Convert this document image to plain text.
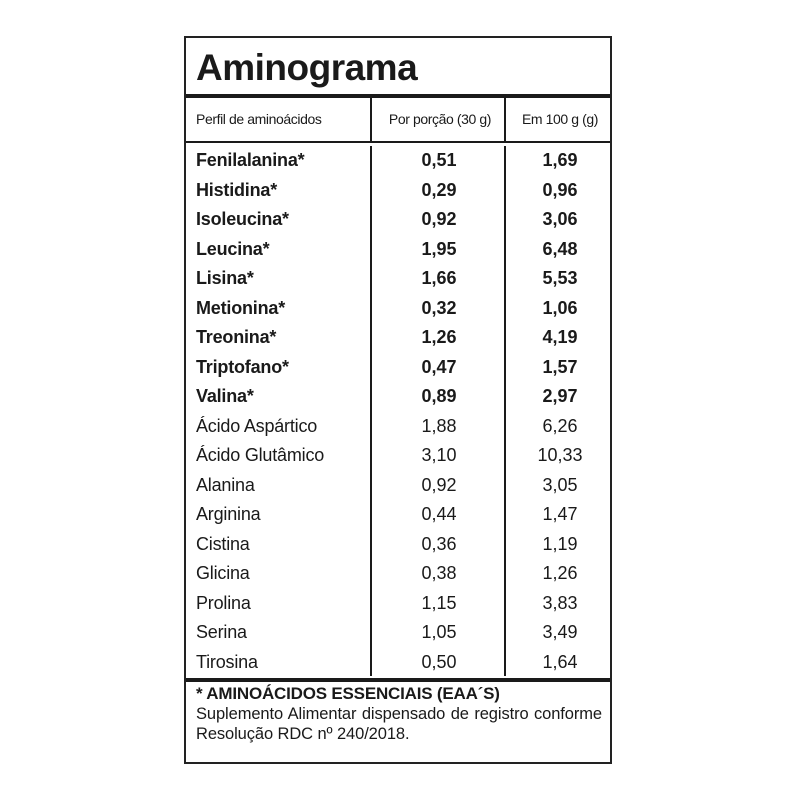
Aminograma
Perfil de aminoácidos	Por porção (30 g)	Em 100 g (g)
Fenilalanina*	0,51	1,69
Histidina*	0,29	0,96
Isoleucina*	0,92	3,06
Leucina*	1,95	6,48
Lisina*	1,66	5,53
Metionina*	0,32	1,06
Treonina*	1,26	4,19
Triptofano*	0,47	1,57
Valina*	0,89	2,97
Ácido Aspártico	1,88	6,26
Ácido Glutâmico	3,10	10,33
Alanina	0,92	3,05
Arginina	0,44	1,47
Cistina	0,36	1,19
Glicina	0,38	1,26
Prolina	1,15	3,83
Serina	1,05	3,49
Tirosina	0,50	1,64
* AMINOÁCIDOS ESSENCIAIS (EAA´S)
Suplemento Alimentar dispensado de registro conforme Resolução RDC nº 240/2018.
